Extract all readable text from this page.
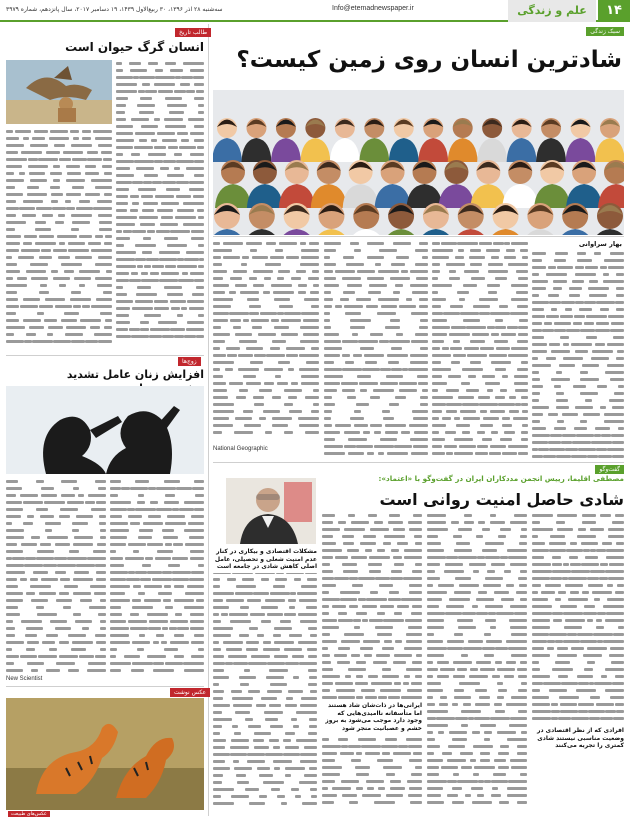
۱۴
علم و زندگی
Info@etemadnewspaper.ir
سه‌شنبه ۲۸ آذر ۱۳۹۶، ۳۰ ربیع‌الاول ۱۴۳۹، ۱۹ دسامبر ۲۰۱۷، سال پانزدهم، شماره ۳۹۷۹
سبک زندگی
شادترین انسان روی زمین کیست؟
بهار سراوانی
National Geographic
گفت‌وگو
مصطفی اقلیما، رییس انجمن مددکاران ایران در گفت‌وگو با «اعتماد»:
شادی حاصل امنیت روانی است
افرادی که از نظر اقتصادی در وضعیت مناسبی نیستند شادی کمتری را تجربه می‌کنند
ایرانی‌ها در ذات‌شان شاد هستند اما متأسفانه ناامیدی‌هایی که وجود دارد موجب می‌شود به بروز خشم و عصبانیت منجر شود
مشکلات اقتصادی و بیکاری در کنار عدم امنیت شغلی و تحصیلی، عامل اصلی کاهش شادی در جامعه است
طالب تاریخ
انسان گرگ حیوان است
زوج‌ها
افزایش زنان عامل تشدید
New Scientist
عکس نوشت
عکس‌های طبیعت
